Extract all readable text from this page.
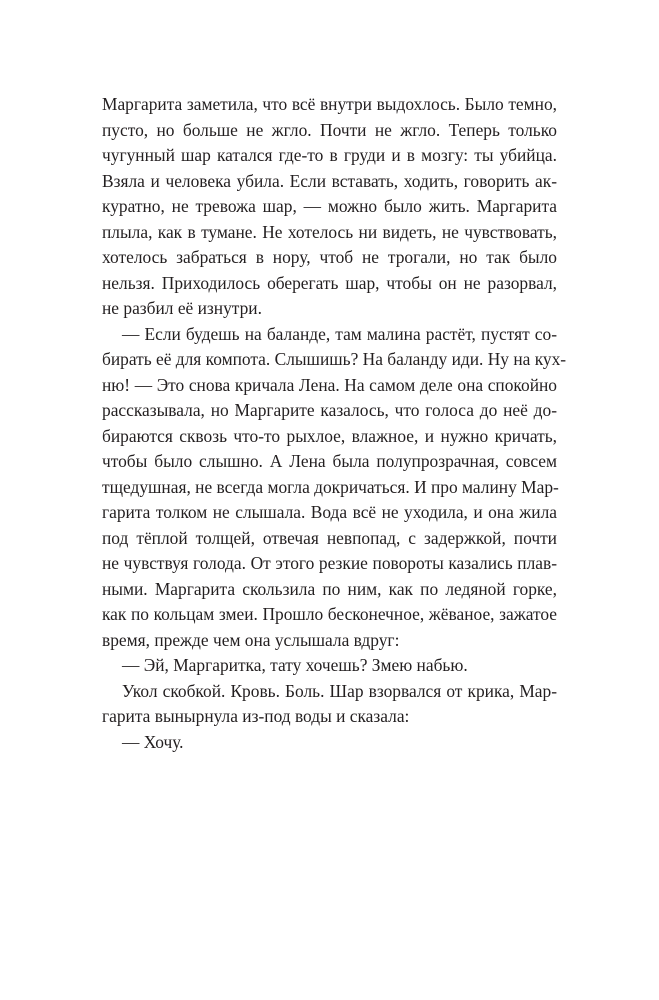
Маргарита заметила, что всё внутри выдохлось. Было темно,
пусто, но больше не жгло. Почти не жгло. Теперь только
чугунный шар катался где-то в груди и в мозгу: ты убийца.
Взяла и человека убила. Если вставать, ходить, говорить ак-
куратно, не тревожа шар, — можно было жить. Маргарита
плыла, как в тумане. Не хотелось ни видеть, не чувствовать,
хотелось забраться в нору, чтоб не трогали, но так было
нельзя. Приходилось оберегать шар, чтобы он не разорвал,
не разбил её изнутри.
— Если будешь на баланде, там малина растёт, пустят со-
бирать её для компота. Слышишь? На баланду иди. Ну на кух-
ню! — Это снова кричала Лена. На самом деле она спокойно
рассказывала, но Маргарите казалось, что голоса до неё до-
бираются сквозь что-то рыхлое, влажное, и нужно кричать,
чтобы было слышно. А Лена была полупрозрачная, совсем
тщедушная, не всегда могла докричаться. И про малину Мар-
гарита толком не слышала. Вода всё не уходила, и она жила
под тёплой толщей, отвечая невпопад, с задержкой, почти
не чувствуя голода. От этого резкие повороты казались плав-
ными. Маргарита скользила по ним, как по ледяной горке,
как по кольцам змеи. Прошло бесконечное, жёваное, зажатое
время, прежде чем она услышала вдруг:
— Эй, Маргаритка, тату хочешь? Змею набью.
Укол скобкой. Кровь. Боль. Шар взорвался от крика, Мар-
гарита вынырнула из-под воды и сказала:
— Хочу.
